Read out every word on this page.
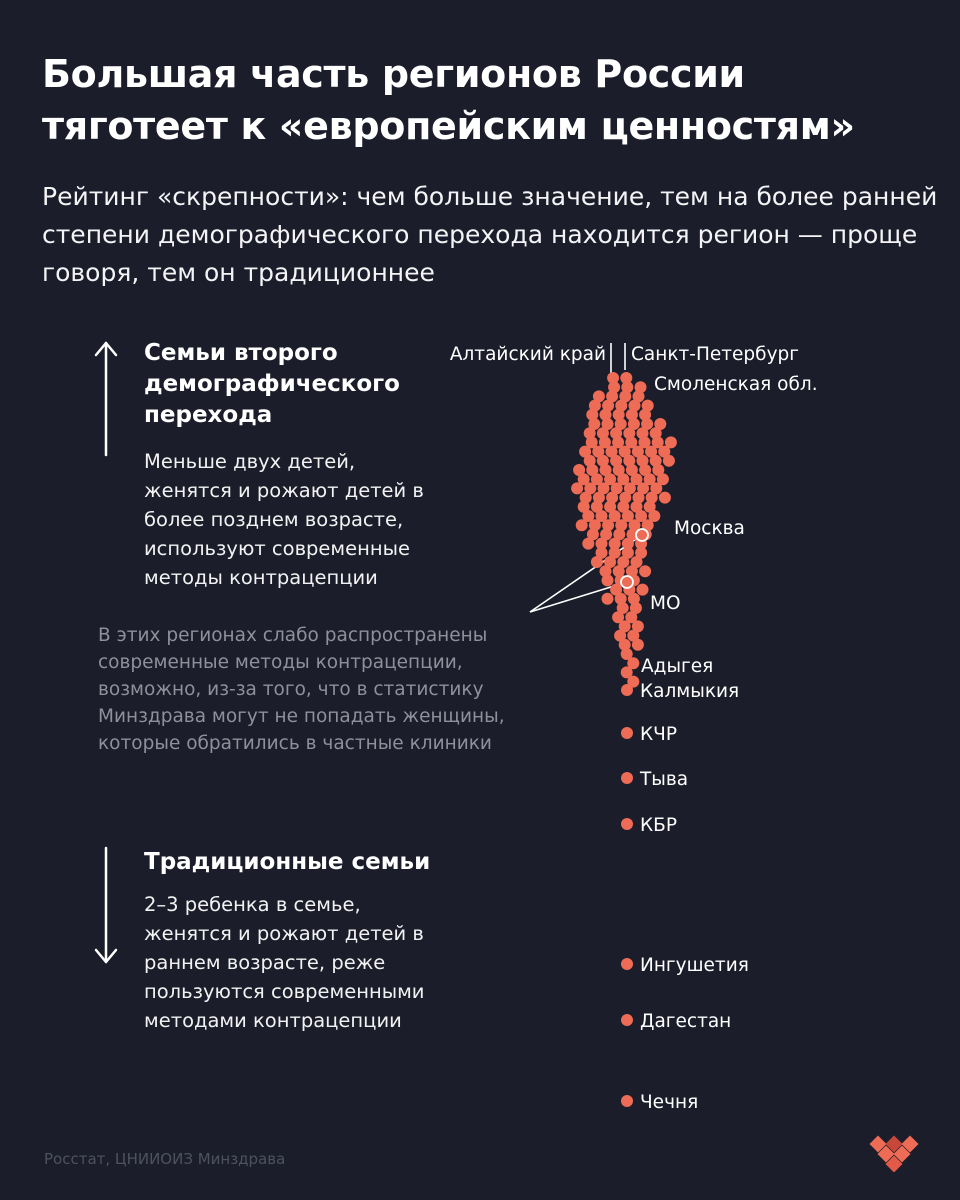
Большая часть регионов России тяготеет к «европейским ценностям»

Рейтинг «скрепности»: чем больше значение, тем на более ранней степени демографического перехода находится регион — проще говоря, тем он традиционнее

Калмыкия
КЧР
Тыва
КБР
Ингушетия
Дагестан
Чечня
Алтайский край Санкт-Петербург
Смоленская обл.
Москва
МО
Адыгея
Семьи второго демографического перехода

Меньше двух детей, женятся и рожают детей в более позднем возрасте, используют современные методы контрацепции

В этих регионах слабо распространены современные методы контрацепции, возможно, из-за того, что в статистику Минздрава могут не попадать женщины, которые обратились в частные клиники

Традиционные семьи

2–3 ребенка в семье, женятся и рожают детей в раннем возрасте, реже пользуются современными методами контрацепции

Росстат, ЦНИИОИЗ Минздрава
